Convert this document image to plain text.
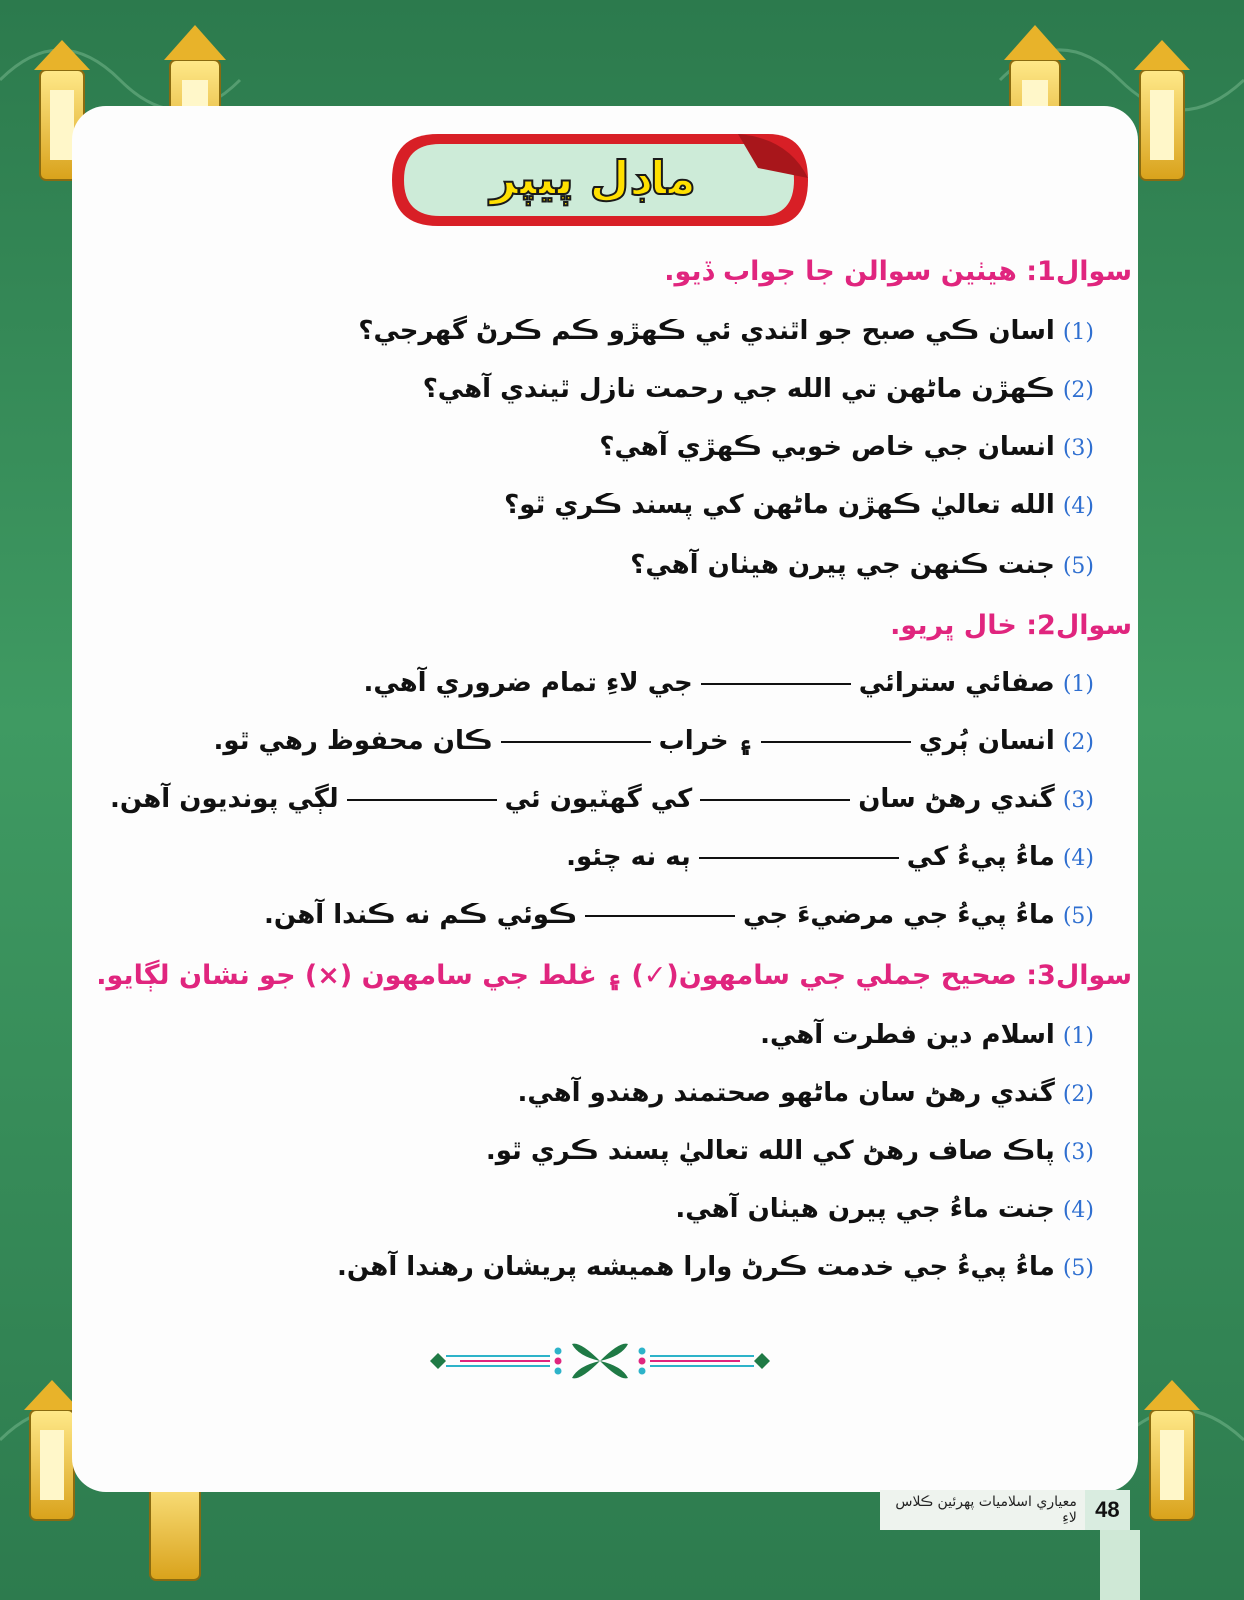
ماڊل پيپر
سوال1: هيٺين سوالن جا جواب ڏيو.
(1)اسان ڪي صبح جو اٿندي ئي ڪهڙو ڪم ڪرڻ گهرجي؟
(2)ڪهڙن ماڻهن تي الله جي رحمت نازل ٿيندي آهي؟
(3)انسان جي خاص خوبي ڪهڙي آهي؟
(4)الله تعاليٰ ڪهڙن ماڻهن کي پسند ڪري ٿو؟
(5)جنت ڪنهن جي پيرن هيٺان آهي؟
سوال2: خال ڀريو.
(1)صفائي سترائيجي لاءِ تمام ضروري آهي.
(2)انسان ٻُري۽ خرابڪان محفوظ رهي ٿو.
(3)گندي رهڻ سانکي گهٽيون ئيلڳي پونديون آهن.
(4)ماءُ پيءُ کيٻه نه چئو.
(5)ماءُ پيءُ جي مرضيءَ جيڪوئي ڪم نه ڪندا آهن.
سوال3: صحيح جملي جي سامهون(✓) ۽ غلط جي سامهون (×) جو نشان لڳايو.
(1)اسلام دين فطرت آهي.
(2)گندي رهڻ سان ماڻهو صحتمند رهندو آهي.
(3)پاڪ صاف رهڻ کي الله تعاليٰ پسند ڪري ٿو.
(4)جنت ماءُ جي پيرن هيٺان آهي.
(5)ماءُ پيءُ جي خدمت ڪرڻ وارا هميشه پريشان رهندا آهن.
معياري اسلاميات پهرئين ڪلاس لاءِ 48
